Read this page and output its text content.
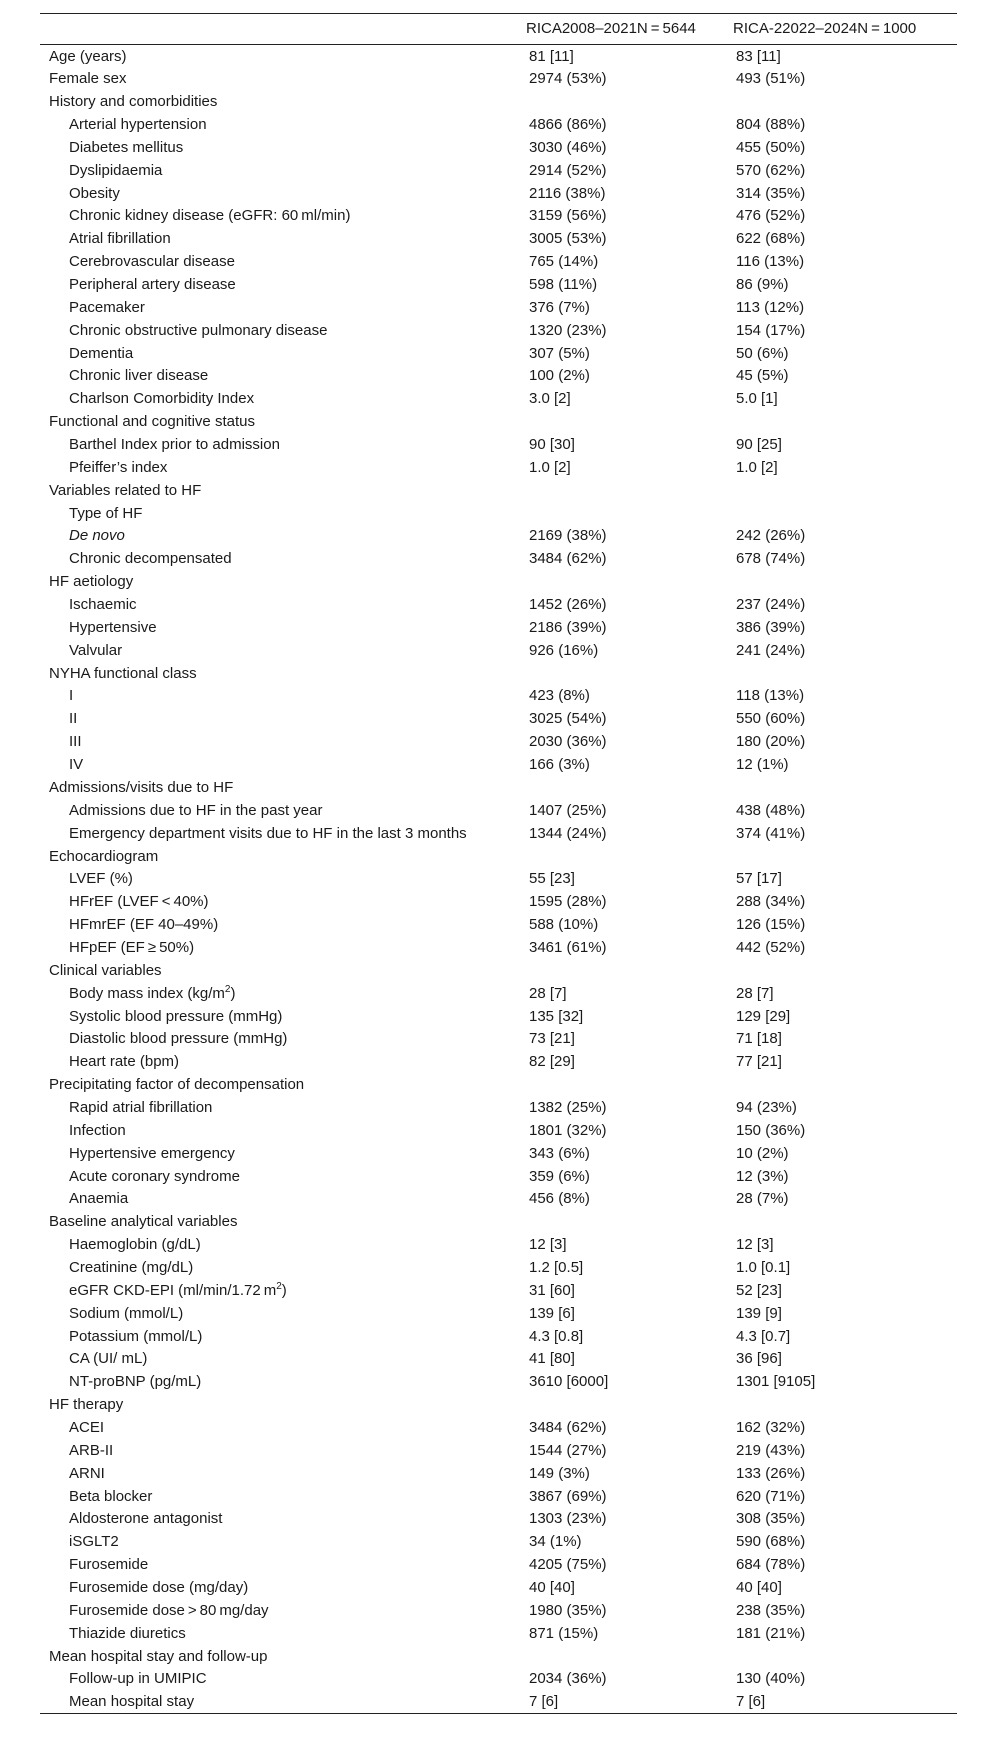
	RICA2008–2021N = 5644	RICA-22022–2024N = 1000
Age (years)	81 [11]	83 [11]
Female sex	2974 (53%)	493 (51%)
History and comorbidities		
Arterial hypertension	4866 (86%)	804 (88%)
Diabetes mellitus	3030 (46%)	455 (50%)
Dyslipidaemia	2914 (52%)	570 (62%)
Obesity	2116 (38%)	314 (35%)
Chronic kidney disease (eGFR: 60 ml/min)	3159 (56%)	476 (52%)
Atrial fibrillation	3005 (53%)	622 (68%)
Cerebrovascular disease	765 (14%)	116 (13%)
Peripheral artery disease	598 (11%)	86 (9%)
Pacemaker	376 (7%)	113 (12%)
Chronic obstructive pulmonary disease	1320 (23%)	154 (17%)
Dementia	307 (5%)	50 (6%)
Chronic liver disease	100 (2%)	45 (5%)
Charlson Comorbidity Index	3.0 [2]	5.0 [1]
Functional and cognitive status		
Barthel Index prior to admission	90 [30]	90 [25]
Pfeiffer’s index	1.0 [2]	1.0 [2]
Variables related to HF		
Type of HF		
De novo	2169 (38%)	242 (26%)
Chronic decompensated	3484 (62%)	678 (74%)
HF aetiology		
Ischaemic	1452 (26%)	237 (24%)
Hypertensive	2186 (39%)	386 (39%)
Valvular	926 (16%)	241 (24%)
NYHA functional class		
I	423 (8%)	118 (13%)
II	3025 (54%)	550 (60%)
III	2030 (36%)	180 (20%)
IV	166 (3%)	12 (1%)
Admissions/visits due to HF		
Admissions due to HF in the past year	1407 (25%)	438 (48%)
Emergency department visits due to HF in the last 3 months	1344 (24%)	374 (41%)
Echocardiogram		
LVEF (%)	55 [23]	57 [17]
HFrEF (LVEF < 40%)	1595 (28%)	288 (34%)
HFmrEF (EF 40–49%)	588 (10%)	126 (15%)
HFpEF (EF ≥ 50%)	3461 (61%)	442 (52%)
Clinical variables		
Body mass index $(kg/m^2)$	28 [7]	28 [7]
Systolic blood pressure (mmHg)	135 [32]	129 [29]
Diastolic blood pressure (mmHg)	73 [21]	71 [18]
Heart rate (bpm)	82 [29]	77 [21]
Precipitating factor of decompensation		
Rapid atrial fibrillation	1382 (25%)	94 (23%)
Infection	1801 (32%)	150 (36%)
Hypertensive emergency	343 (6%)	10 (2%)
Acute coronary syndrome	359 (6%)	12 (3%)
Anaemia	456 (8%)	28 (7%)
Baseline analytical variables		
Haemoglobin (g/dL)	12 [3]	12 [3]
Creatinine (mg/dL)	1.2 [0.5]	1.0 [0.1]
eGFR CKD-EPI (ml/min/1.72 $m^2$)	31 [60]	52 [23]
Sodium (mmol/L)	139 [6]	139 [9]
Potassium (mmol/L)	4.3 [0.8]	4.3 [0.7]
CA (UI/ mL)	41 [80]	36 [96]
NT-proBNP (pg/mL)	3610 [6000]	1301 [9105]
HF therapy		
ACEI	3484 (62%)	162 (32%)
ARB-II	1544 (27%)	219 (43%)
ARNI	149 (3%)	133 (26%)
Beta blocker	3867 (69%)	620 (71%)
Aldosterone antagonist	1303 (23%)	308 (35%)
iSGLT2	34 (1%)	590 (68%)
Furosemide	4205 (75%)	684 (78%)
Furosemide dose (mg/day)	40 [40]	40 [40]
Furosemide dose > 80 mg/day	1980 (35%)	238 (35%)
Thiazide diuretics	871 (15%)	181 (21%)
Mean hospital stay and follow-up		
Follow-up in UMIPIC	2034 (36%)	130 (40%)
Mean hospital stay	7 [6]	7 [6]
